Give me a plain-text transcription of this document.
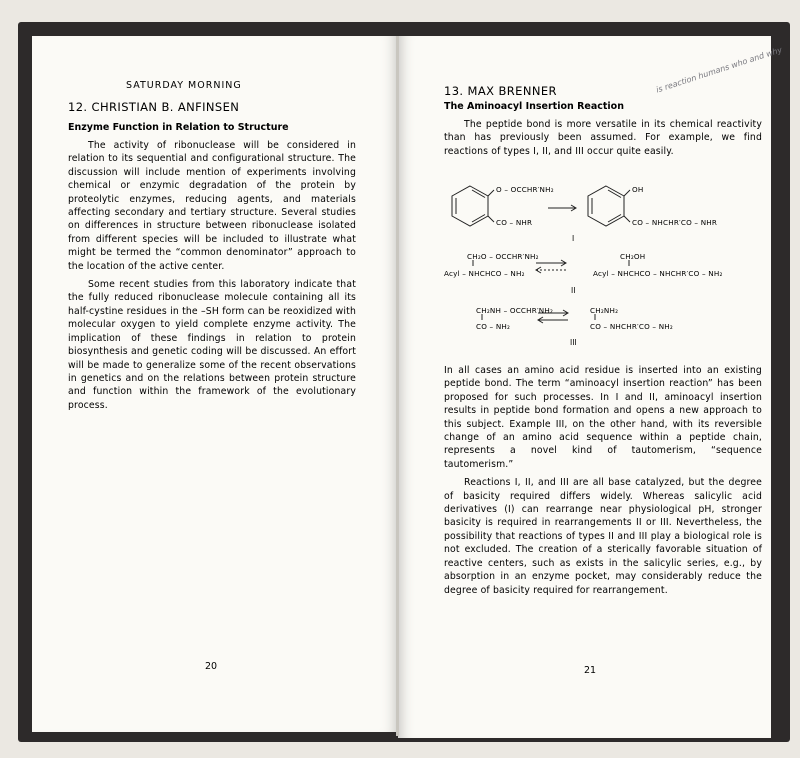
SATURDAY MORNING
12. CHRISTIAN B. ANFINSEN
Enzyme Function in Relation to Structure

The activity of ribonuclease will be considered in relation to its sequential and configurational structure. The discussion will include mention of experiments involving chemical or enzymic degradation of the protein by proteolytic enzymes, reducing agents, and materials affecting secondary and tertiary structure. Several studies on differences in structure between ribonuclease isolated from different species will be included to illustrate what might be termed the “common denominator” approach to the location of the active center.

Some recent studies from this laboratory indicate that the fully reduced ribonuclease molecule containing all its half-cystine residues in the –SH form can be reoxidized with molecular oxygen to yield complete enzyme activity. The implication of these findings in relation to protein biosynthesis and genetic coding will be discussed. An effort will be made to generalize some of the recent observations in genetics and on the relations between protein structure and function within the framework of the evolutionary process.

20
13. MAX BRENNER
The Aminoacyl Insertion Reaction
is reaction humans who and why

The peptide bond is more versatile in its chemical reactivity than has previously been assumed. For example, we find reactions of types I, II, and III occur quite easily.

O – OCCHR′NH₂
CO – NHR
OH
CO – NHCHR′CO – NHR
I
CH₂O – OCCHR′NH₂
Acyl – NHCHCO – NH₂
CH₂OH
Acyl – NHCHCO – NHCHR′CO – NH₂
II
CH₂NH – OCCHR′NH₂
CO – NH₂
CH₂NH₂
CO – NHCHR′CO – NH₂
III

In all cases an amino acid residue is inserted into an existing peptide bond. The term “aminoacyl insertion reaction” has been proposed for such processes. In I and II, aminoacyl insertion results in peptide bond formation and opens a new approach to this subject. Example III, on the other hand, with its reversible change of an amino acid sequence within a peptide chain, represents a novel kind of tautomerism, “sequence tautomerism.”

Reactions I, II, and III are all base catalyzed, but the degree of basicity required differs widely. Whereas salicylic acid derivatives (I) can rearrange near physiological pH, stronger basicity is required in rearrangements II or III. Nevertheless, the possibility that reactions of types II and III play a biological role is not excluded. The creation of a sterically favorable situation of reactive centers, such as exists in the salicylic series, e.g., by absorption in an enzyme pocket, may considerably reduce the degree of basicity required for rearrangement.

21
